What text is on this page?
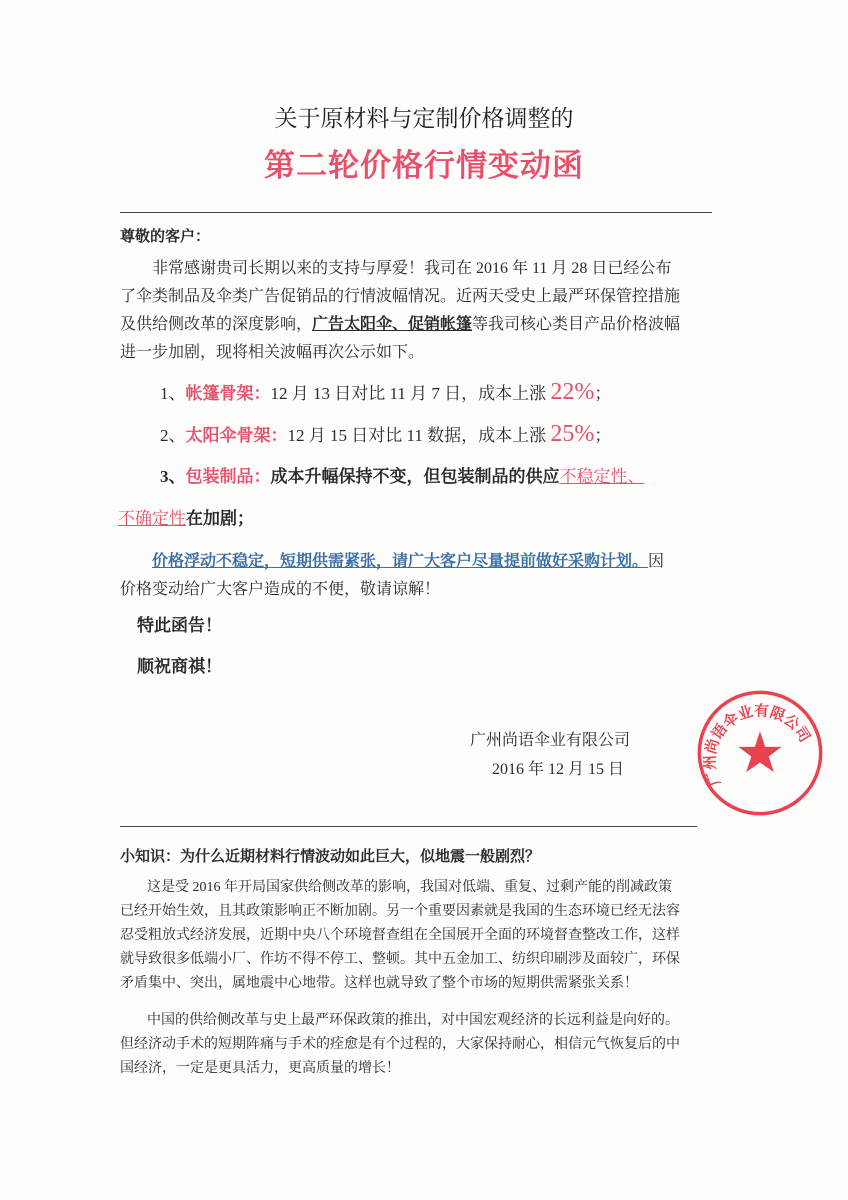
关于原材料与定制价格调整的
第二轮价格行情变动函
尊敬的客户：
非常感谢贵司长期以来的支持与厚爱！我司在 2016 年 11 月 28 日已经公布
了伞类制品及伞类广告促销品的行情波幅情况。近两天受史上最严环保管控措施
及供给侧改革的深度影响，广告太阳伞、促销帐篷等我司核心类目产品价格波幅
进一步加剧，现将相关波幅再次公示如下。
1、帐篷骨架：12 月 13 日对比 11 月 7 日，成本上涨 22%；
2、太阳伞骨架：12 月 15 日对比 11 数据，成本上涨 25%；
3、包装制品：成本升幅保持不变，但包装制品的供应不稳定性、
不确定性在加剧；
价格浮动不稳定，短期供需紧张，请广大客户尽量提前做好采购计划。因
价格变动给广大客户造成的不便，敬请谅解！
特此函告！
顺祝商祺！
广州尚语伞业有限公司
2016 年 12 月 15 日	广州尚语伞业有限公司
小知识：为什么近期材料行情波动如此巨大，似地震一般剧烈？
这是受 2016 年开局国家供给侧改革的影响，我国对低端、重复、过剩产能的削减政策
已经开始生效，且其政策影响正不断加剧。另一个重要因素就是我国的生态环境已经无法容
忍受粗放式经济发展，近期中央八个环境督查组在全国展开全面的环境督查整改工作，这样
就导致很多低端小厂、作坊不得不停工、整顿。其中五金加工、纺织印刷涉及面较广，环保
矛盾集中、突出，属地震中心地带。这样也就导致了整个市场的短期供需紧张关系！
中国的供给侧改革与史上最严环保政策的推出，对中国宏观经济的长远利益是向好的。
但经济动手术的短期阵痛与手术的痊愈是有个过程的，大家保持耐心，相信元气恢复后的中
国经济，一定是更具活力，更高质量的增长！
